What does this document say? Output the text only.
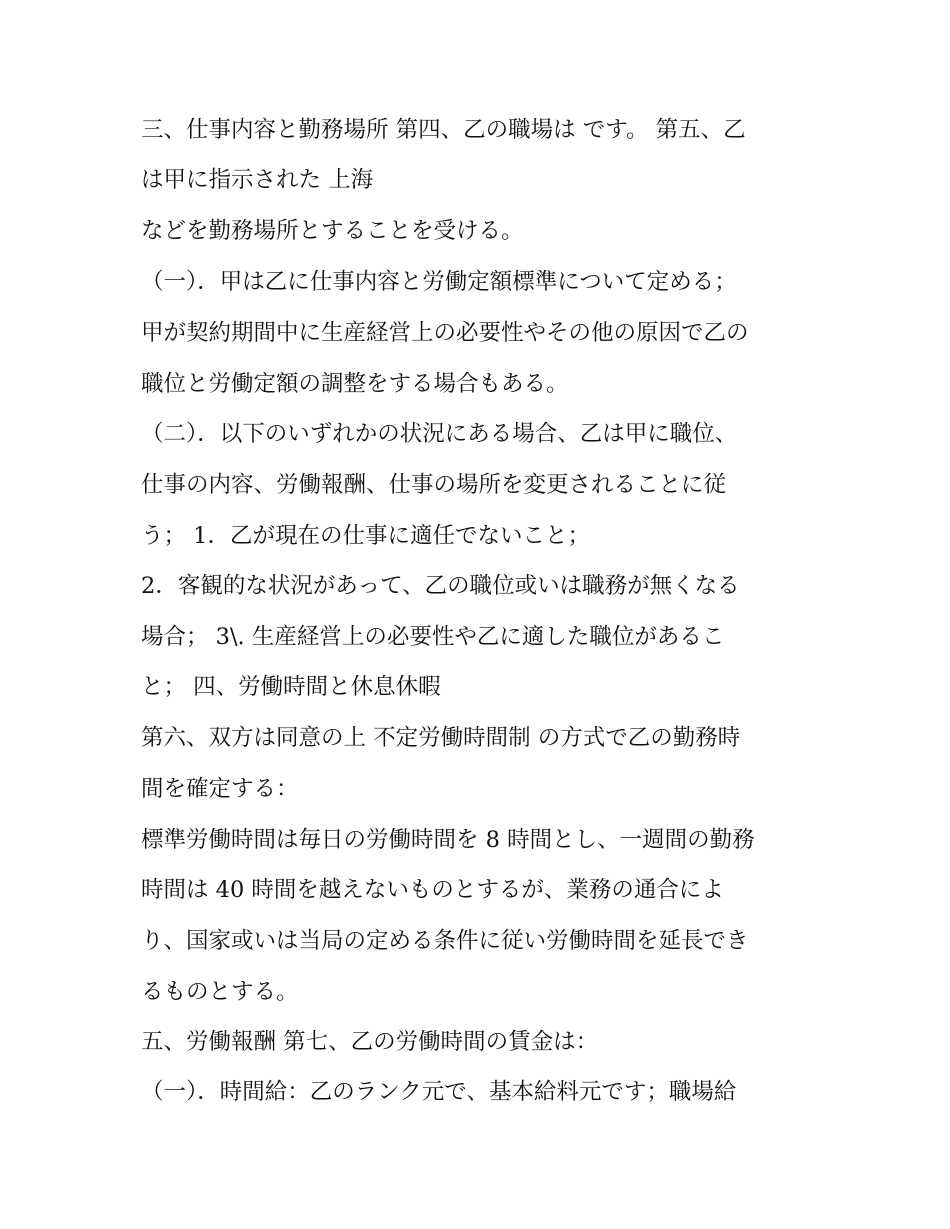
三、仕事内容と勤務場所 第四、乙の職場は です。 第五、乙
は甲に指示された 上海
などを勤務場所とすることを受ける。
（一）．甲は乙に仕事内容と労働定額標準について定める；
甲が契約期間中に生産経営上の必要性やその他の原因で乙の
職位と労働定額の調整をする場合もある。
（二）．以下のいずれかの状況にある場合、乙は甲に職位、
仕事の内容、労働報酬、仕事の場所を変更されることに従
う； 1．乙が現在の仕事に適任でないこと；
2．客観的な状況があって、乙の職位或いは職務が無くなる
場合； 3\. 生産経営上の必要性や乙に適した職位があるこ
と； 四、労働時間と休息休暇
第六、双方は同意の上 不定労働時間制 の方式で乙の勤務時
間を確定する：
標準労働時間は毎日の労働時間を 8 時間とし、一週間の勤務
時間は 40 時間を越えないものとするが、業務の通合によ
り、国家或いは当局の定める条件に従い労働時間を延長でき
るものとする。
五、労働報酬 第七、乙の労働時間の賃金は：
（一）．時間給：乙のランク元で、基本給料元です；職場給
